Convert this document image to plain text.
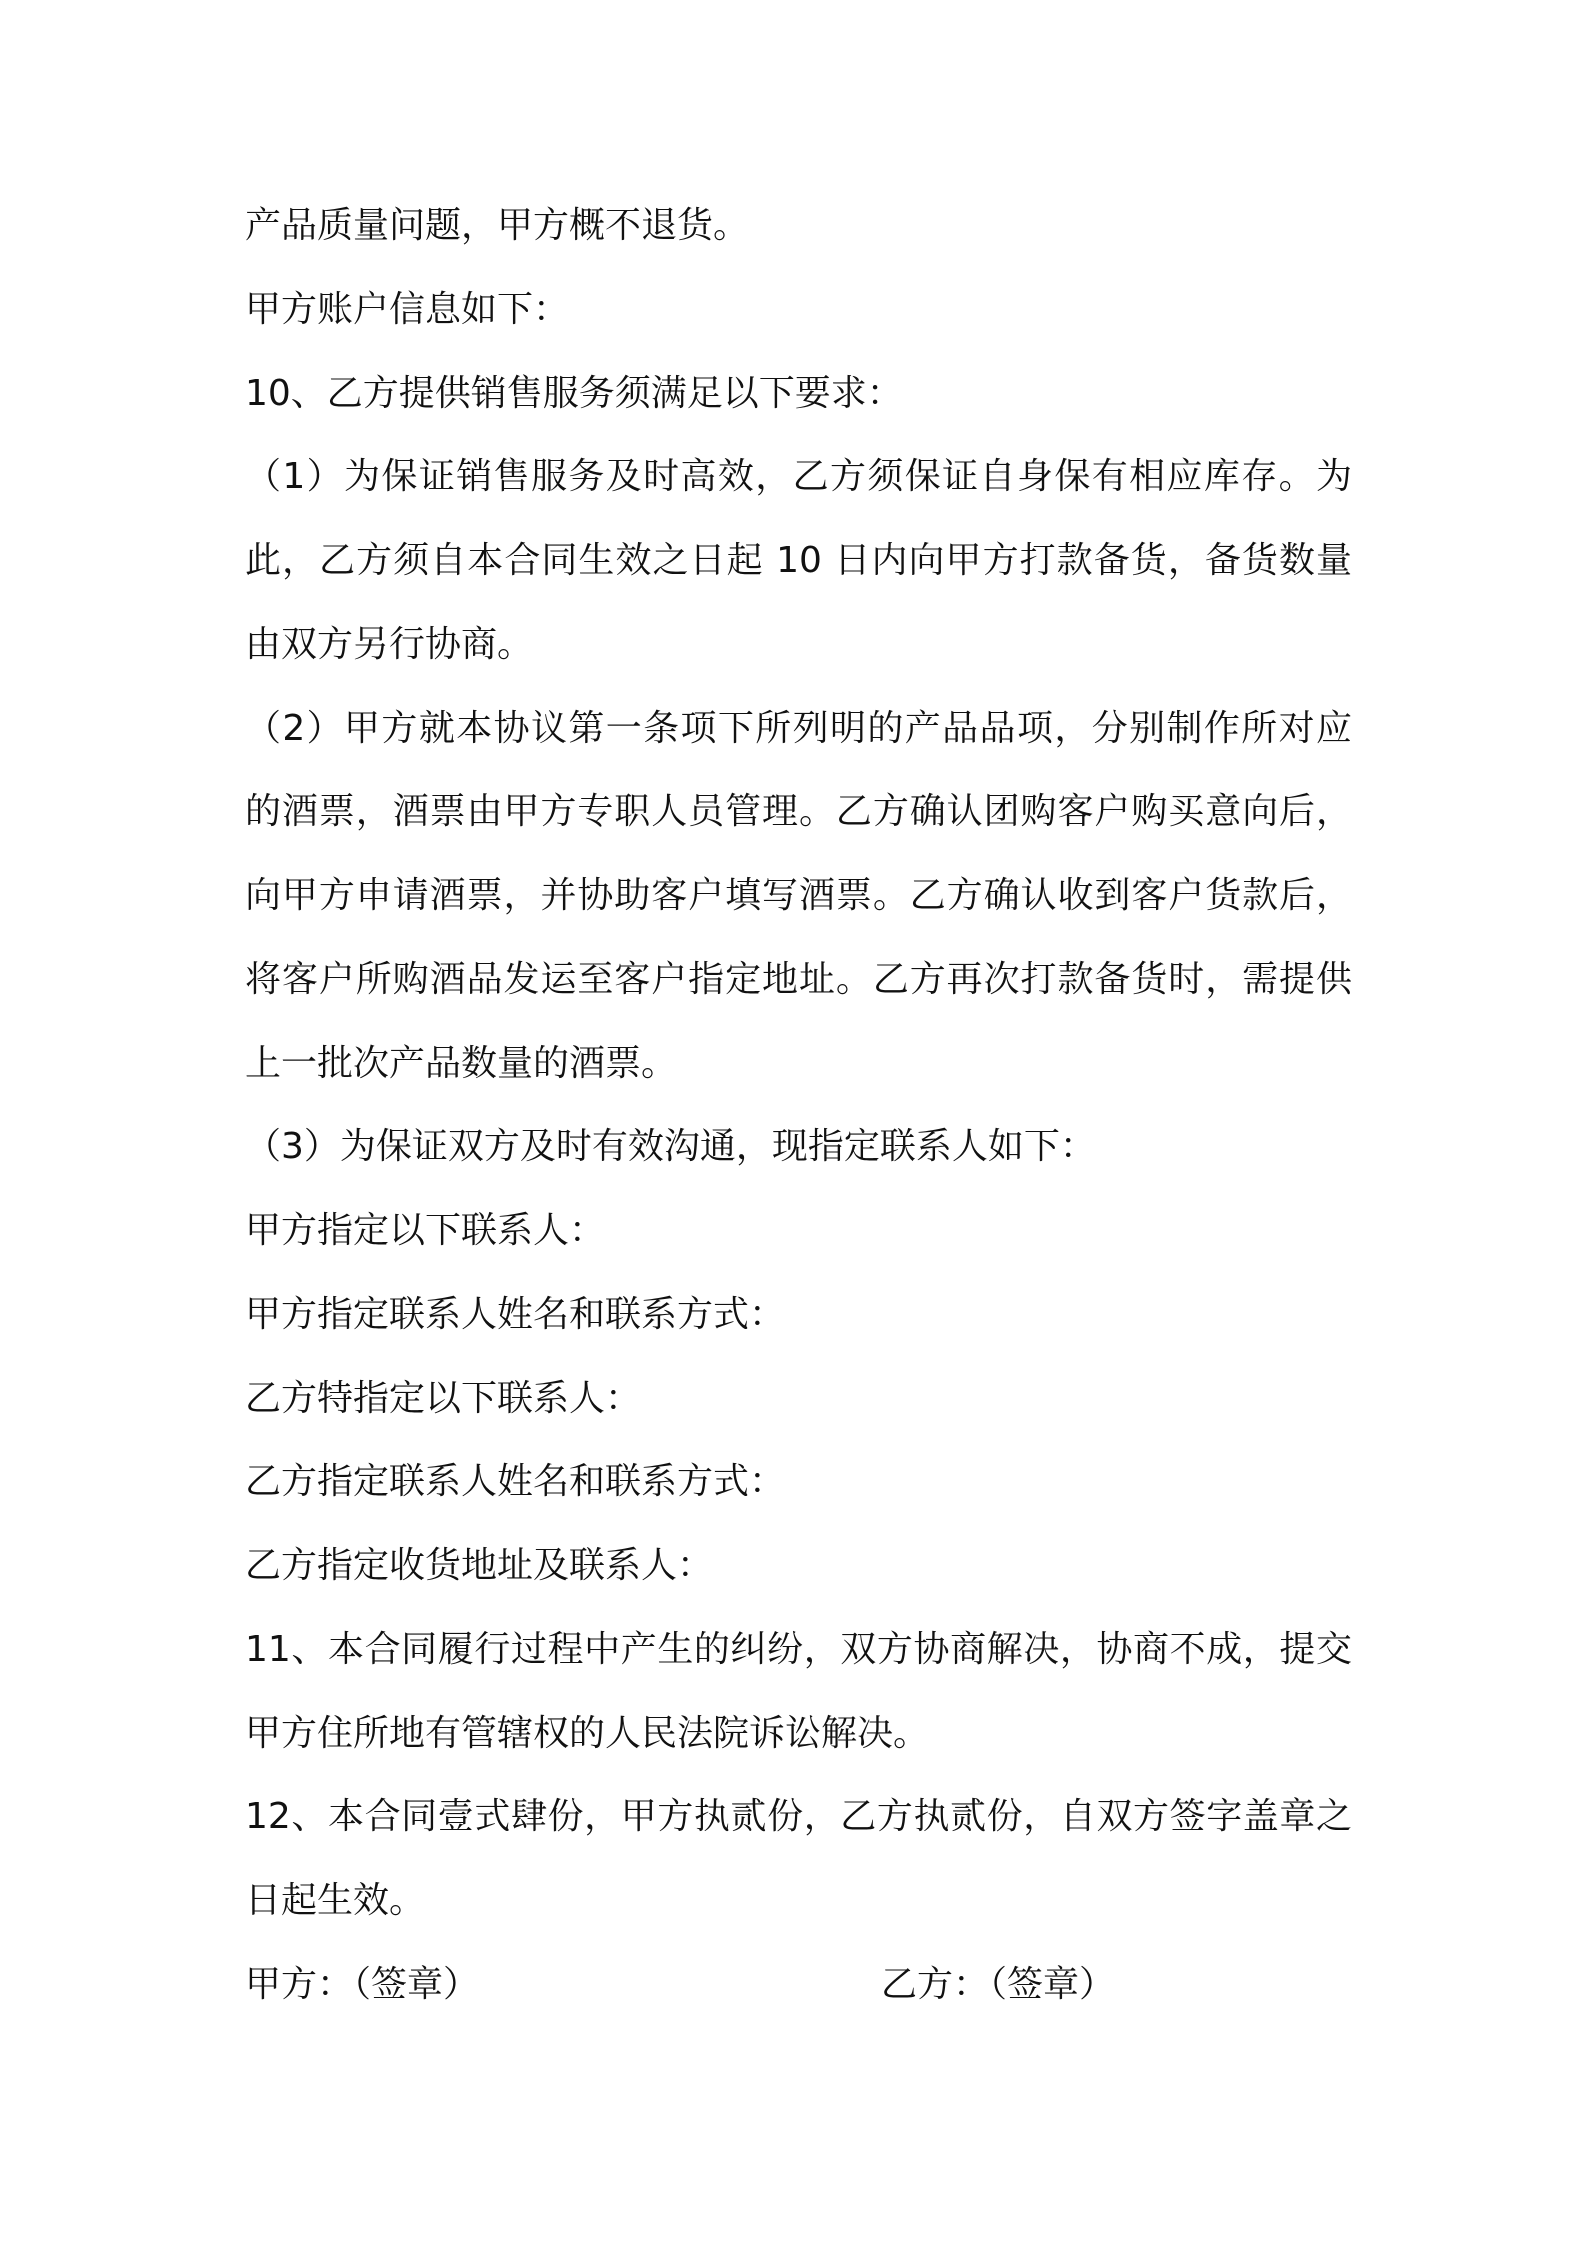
产品质量问题，甲方概不退货。
甲方账户信息如下：
10、乙方提供销售服务须满足以下要求：
（1）为保证销售服务及时高效，乙方须保证自身保有相应库存。为
此，乙方须自本合同生效之日起 10 日内向甲方打款备货，备货数量
由双方另行协商。
（2）甲方就本协议第一条项下所列明的产品品项，分别制作所对应
的酒票，酒票由甲方专职人员管理。乙方确认团购客户购买意向后，
向甲方申请酒票，并协助客户填写酒票。乙方确认收到客户货款后，
将客户所购酒品发运至客户指定地址。乙方再次打款备货时，需提供
上一批次产品数量的酒票。
（3）为保证双方及时有效沟通，现指定联系人如下：
甲方指定以下联系人：
甲方指定联系人姓名和联系方式：
乙方特指定以下联系人：
乙方指定联系人姓名和联系方式：
乙方指定收货地址及联系人：
11、本合同履行过程中产生的纠纷，双方协商解决，协商不成，提交
甲方住所地有管辖权的人民法院诉讼解决。
12、本合同壹式肆份，甲方执贰份，乙方执贰份，自双方签字盖章之
日起生效。
甲方：（签章）	乙方：（签章）
